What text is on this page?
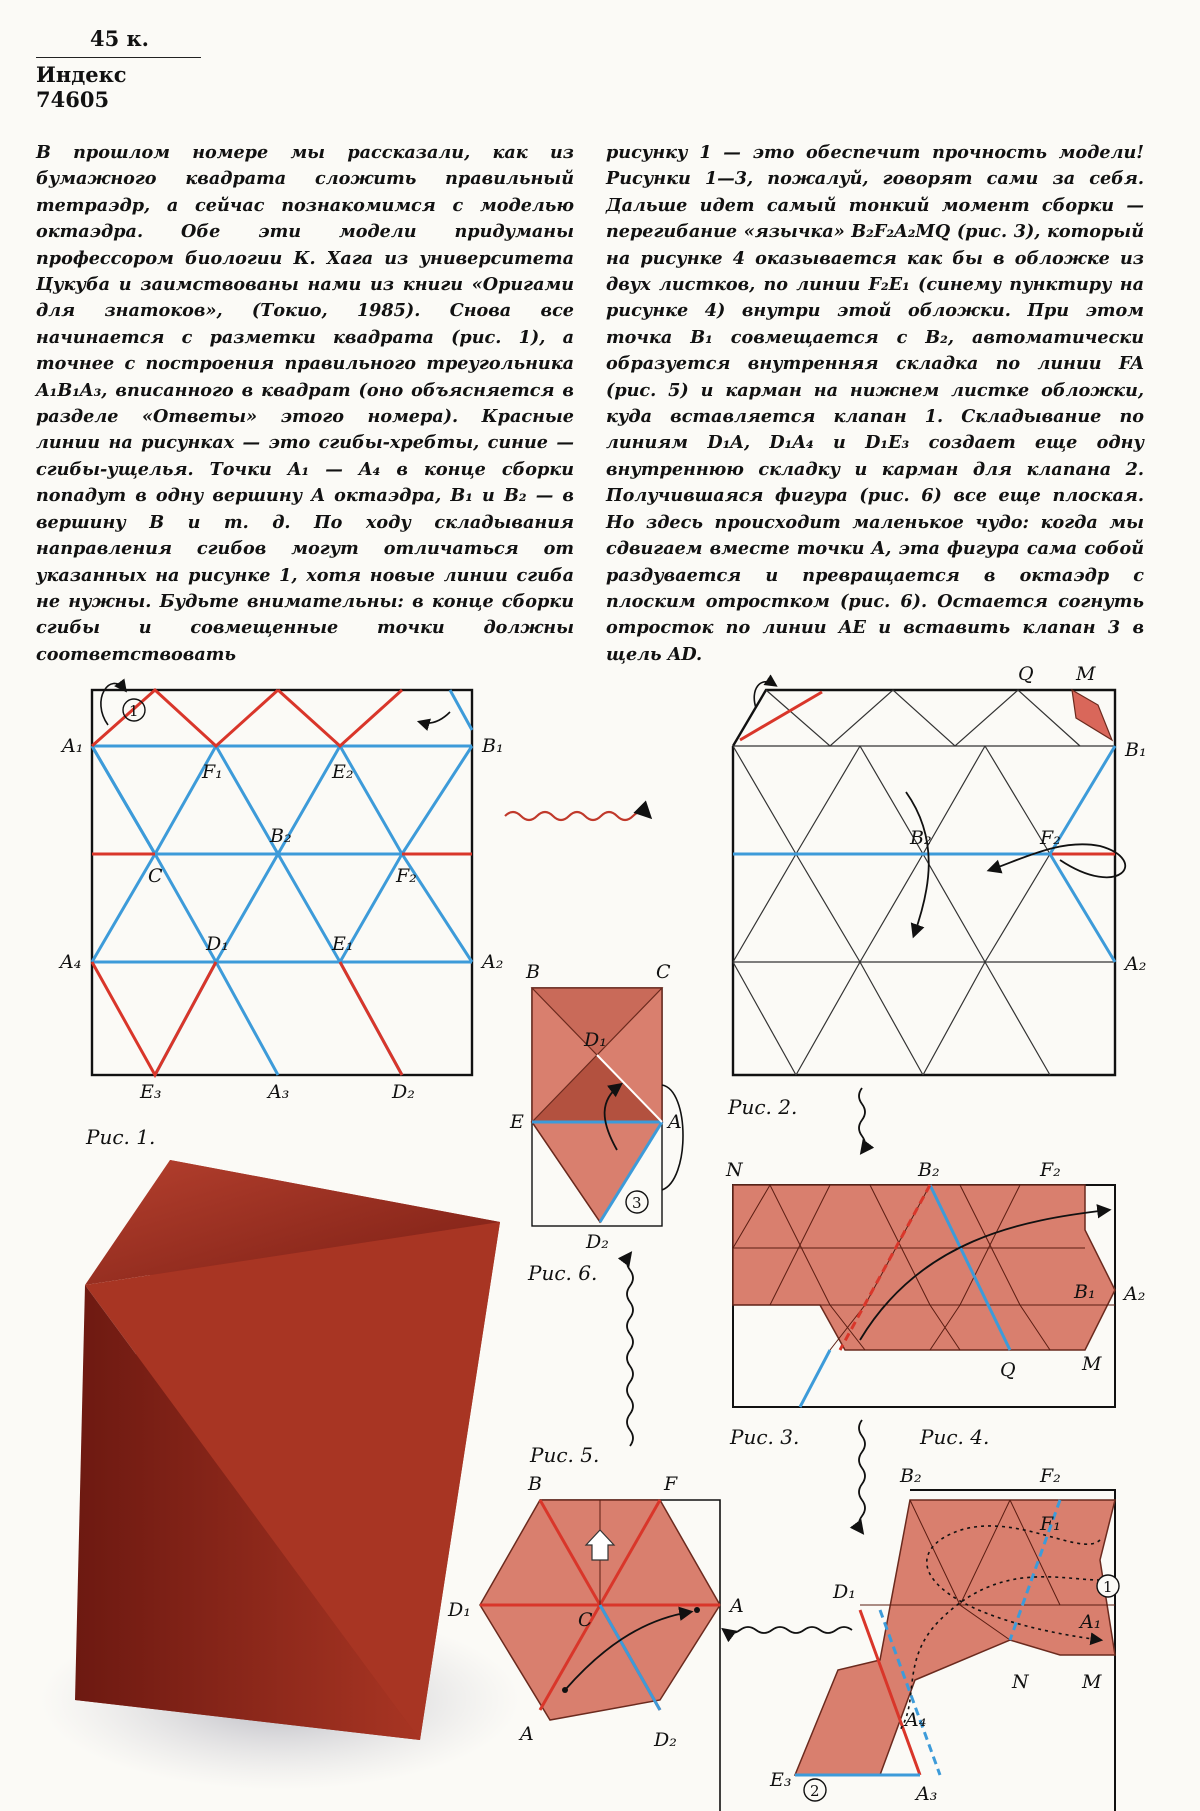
45 к.
Индекс 74605

В прошлом номере мы рассказали, как из бумажного квадрата сложить правильный тетраэдр, а сейчас познакомимся с моделью октаэдра. Обе эти модели придуманы профессором биологии К. Хага из университета Цукуба и заимствованы нами из книги «Оригами для знатоков», (Токио, 1985). Снова все начинается с разметки квадрата (рис. 1), а точнее с построения правильного треугольника A₁B₁A₃, вписанного в квадрат (оно объясняется в разделе «Ответы» этого номера). Красные линии на рисунках — это сгибы-хребты, синие — сгибы-ущелья. Точки A₁ — A₄ в конце сборки попадут в одну вершину A октаэдра, B₁ и B₂ — в вершину B и т. д. По ходу складывания направления сгибов могут отличаться от указанных на рисунке 1, хотя новые линии сгиба не нужны. Будьте внимательны: в конце сборки сгибы и совмещенные точки должны соответствовать

рисунку 1 — это обеспечит прочность модели! Рисунки 1—3, пожалуй, говорят сами за себя. Дальше идет самый тонкий момент сборки — перегибание «язычка» B₂F₂A₂MQ (рис. 3), который на рисунке 4 оказывается как бы в обложке из двух листков, по линии F₂E₁ (синему пунктиру на рисунке 4) внутри этой обложки. При этом точка B₁ совмещается с B₂, автоматически образуется внутренняя складка по линии FA (рис. 5) и карман на нижнем листке обложки, куда вставляется клапан 1. Складывание по линиям D₁A, D₁A₄ и D₁E₃ создает еще одну внутреннюю складку и карман для клапана 2. Получившаяся фигура (рис. 6) все еще плоская. Но здесь происходит маленькое чудо: когда мы сдвигаем вместе точки A, эта фигура сама собой раздувается и превращается в октаэдр с плоским отростком (рис. 6). Остается согнуть отросток по линии AE и вставить клапан 3 в щель AD.

1
A₁	B₁
F₁	E₂
B₂
C	F₂
D₁	E₁
A₄	A₂
E₃	A₃	D₂
Рис. 1.
Q M
B₁
B₂	F₂
A₂
Рис. 2.
N	B₂	F₂
B₁ A₂
Q	M
Рис. 3.	Рис. 4.
1
2
B₂	F₂
F₁
D₁
A₁
A₄
N	M
E₃
A₃
B	F
D₁	C
A
A	D₂
Рис. 5.
3
B	C
D₁
E	A
D₂
Рис. 6.
